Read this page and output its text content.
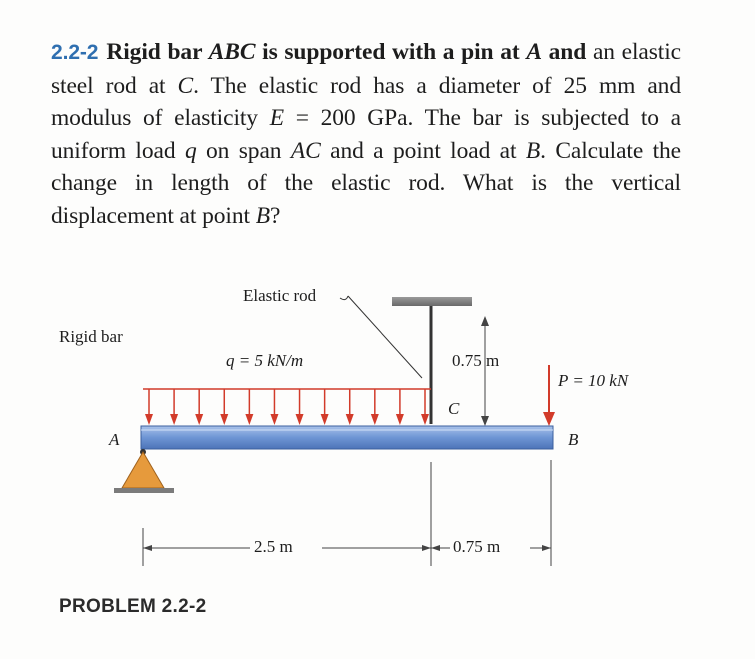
2.2-2 Rigid bar ABC is supported with a pin at A and an elastic steel rod at C. The elastic rod has a diameter of 25 mm and modulus of elasticity E = 200 GPa. The bar is subjected to a uniform load q on span AC and a point load at B. Calculate the change in length of the elastic rod. What is the vertical displacement at point B?
Elastic rod
Rigid bar
q = 5 kN/m	0.75 m
P = 10 kN
A	B
C
2.5 m	0.75 m
PROBLEM 2.2-2
